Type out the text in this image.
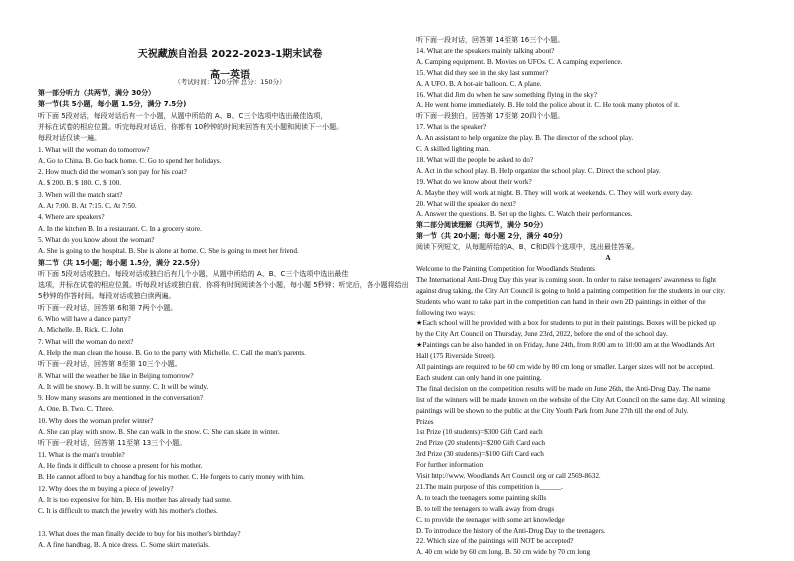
天祝藏族自治县 2022-2023-1期末试卷
高一英语
（考试时间：120分钟 总分：150分）
第一部分听力（共两节，满分 30分）
第一节(共 5小题，每小题 1.5分，满分 7.5分)
听下面 5段对话，每段对话后有一个小题，从题中所给的 A、B、C三个选项中选出最佳选项，
并标在试卷的相应位置。听完每段对话后，你都有 10秒钟的时间来回答有关小题和阅读下一小题。
每段对话仅读一遍。
1. What will the woman do tomorrow?
A. Go to China. B. Go back home. C. Go to spend her holidays.
2. How much did the woman's son pay for his coat?
A. $ 200. B. $ 180. C. $ 100.
3. When will the match start?
A. At 7:00. B. At 7:15. C. At 7:50.
4. Where are speakers?
A. In the kitchen B. In a restaurant. C. In a grocery store.
5. What do you know about the woman?
A. She is going to the hospital. B. She is alone at home. C. She is going to meet her friend.
第二节（共 15小题；每小题 1.5分，满分 22.5分）
听下面 5段对话或独白。每段对话或独白后有几个小题，从题中所给的 A、B、C三个选项中选出最佳
选项，并标在试卷的相应位置。听每段对话或独白前，你将有时间阅读各个小题，每小题 5秒钟；听完后，各小题将给出
5秒钟的作答时间。每段对话或独白读两遍。
听下面一段对话，回答第 6和第 7两个小题。
6. Who will have a dance party?
A. Michelle. B. Rick. C. John
7. What will the woman do next?
A. Help the man clean the house. B. Go to the party with Michelle. C. Call the man's parents.
听下面一段对话，回答第 8至第 10三个小题。
8. What will the weather be like in Beijing tomorrow?
A. It will be snowy. B. It will be sunny. C. It will be windy.
9. How many seasons are mentioned in the conversation?
A. One. B. Two. C. Three.
10. Why does the woman prefer winter?
A. She can play with snow. B. She can walk in the snow. C. She can skate in winter.
听下面一段对话，回答第 11至第 13三个小题。
11. What is the man's trouble?
A. He finds it difficult to choose a present for his mother.
B. He cannot afford to buy a handbag for his mother. C. He forgets to carry money with him.
12. Why does the m buying a piece of jewelry?
A. It is too expensive for him. B. His mother has already had some.
C. It is difficult to match the jewelry with his mother's clothes.
13. What does the man finally decide to buy for his mother's birthday?
A. A fine handbag. B. A nice dress. C. Some skirt materials.
听下面一段对话，回答第 14至第 16三个小题。
14. What are the speakers mainly talking about?
A. Camping equipment. B. Movies on UFOs. C. A camping experience.
15. What did they see in the sky last summer?
A. A UFO. B. A hot-air balloon. C. A plane.
16. What did Jim do when he saw something flying in the sky?
A. He went home immediately. B. He told the police about it. C. He took many photos of it.
听下面一段独白，回答第 17至第 20四个小题。
17. What is the speaker?
A. An assistant to help organize the play. B. The director of the school play.
C. A skilled lighting man.
18. What will the people be asked to do?
A. Act in the school play. B. Help organize the school play. C. Direct the school play.
19. What do we know about their work?
A. Maybe they will work at night. B. They will work at weekends. C. They will work every day.
20. What will the speaker do next?
A. Answer the questions. B. Set up the lights. C. Watch their performances.
第二部分阅读理解（共两节，满分 50分）
第一节（共 20小题；每小题 2分，满分 40分）
阅读下列短文，从每题所给的A、B、C和D四个选项中，选出最佳答案。
A
Welcome to the Painting Competition for Woodlands Students
The International Anti-Drug Day this year is coming soon. In order to raise teenagers' awareness to fight
against drug taking, the City Art Council is going to hold a painting competition for the students in our city.
Students who want to take part in the competition can hand in their own 2D paintings in either of the
following two ways:
★Each school will be provided with a box for students to put in their paintings. Boxes will be picked up
by the City Art Council on Thursday, June 23rd, 2022, before the end of the school day.
★Paintings can be also handed in on Friday, June 24th, from 8:00 am to 10:00 am at the Woodlands Art
Hall (175 Riverside Street).
All paintings are required to be 60 cm wide by 80 cm long or smaller. Larger sizes will not be accepted.
Each student can only hand in one painting.
The final decision on the competition results will be made on June 26th, the Anti-Drug Day. The name
list of the winners will be made known on the website of the City Art Council on the same day. All winning
paintings will be shown to the public at the City Youth Park from June 27th till the end of July.
Prizes
1st Prize (10 students)=$300 Gift Card each
2nd Prize (20 students)=$200 Gift Card each
3rd Prize (30 students)=$100 Gift Card each
For further information
Visit http://www. Woodlands Art Council org or call 2569-8632.
21.The main purpose of this competition is______.
A. to teach the teenagers some painting skills
B. to tell the teenagers to walk away from drugs
C. to provide the teenager with some art knowledge
D. To introduce the history of the Anti-Drug Day to the teenagers.
22. Which size of the paintings will NOT be accepted?
A. 40 cm wide by 60 cm long. B. 50 cm wide by 70 cm long
